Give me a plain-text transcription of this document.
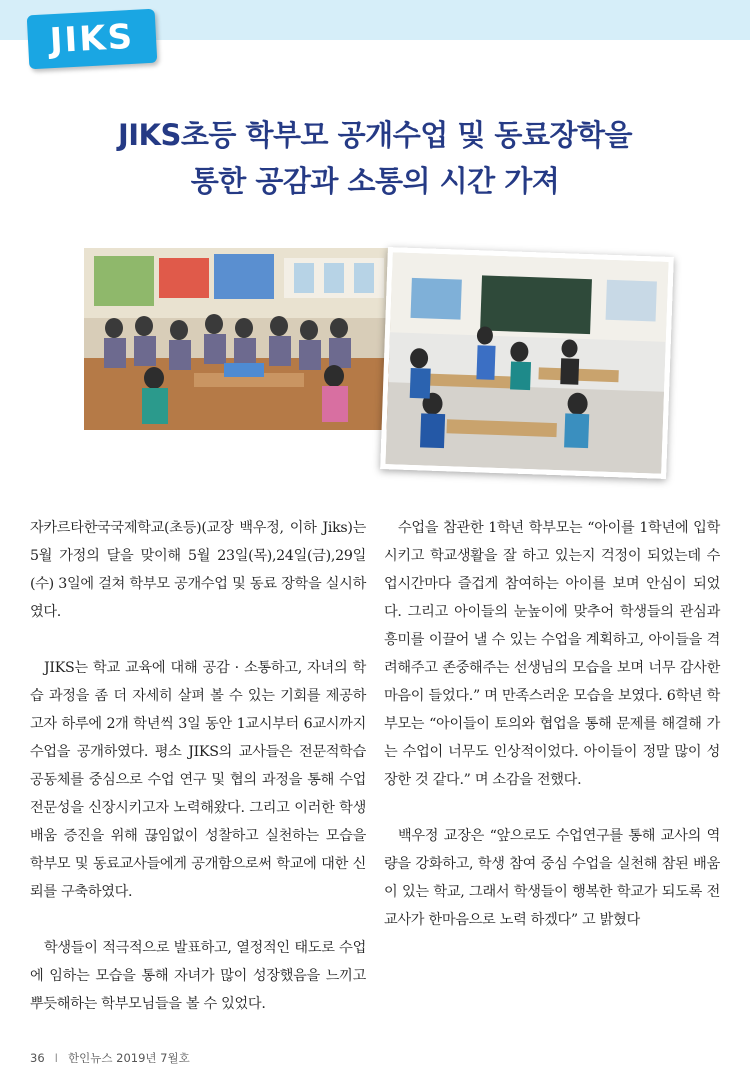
JIKS
JIKS초등 학부모 공개수업 및 동료장학을
통한 공감과 소통의 시간 가져

자카르타한국국제학교(초등)(교장 백우정, 이하 Jiks)는 5월 가정의 달을 맞이해 5월 23일(목),24일(금),29일(수) 3일에 걸쳐 학부모 공개수업 및 동료 장학을 실시하였다.

JIKS는 학교 교육에 대해 공감 · 소통하고, 자녀의 학습 과정을 좀 더 자세히 살펴 볼 수 있는 기회를 제공하고자 하루에 2개 학년씩 3일 동안 1교시부터 6교시까지 수업을 공개하였다. 평소 JIKS의 교사들은 전문적학습공동체를 중심으로 수업 연구 및 협의 과정을 통해 수업 전문성을 신장시키고자 노력해왔다. 그리고 이러한 학생 배움 증진을 위해 끊임없이 성찰하고 실천하는 모습을 학부모 및 동료교사들에게 공개함으로써 학교에 대한 신뢰를 구축하였다.

학생들이 적극적으로 발표하고, 열정적인 태도로 수업에 임하는 모습을 통해 자녀가 많이 성장했음을 느끼고 뿌듯해하는 학부모님들을 볼 수 있었다.

수업을 참관한 1학년 학부모는 “아이를 1학년에 입학시키고 학교생활을 잘 하고 있는지 걱정이 되었는데 수업시간마다 즐겁게 참여하는 아이를 보며 안심이 되었다. 그리고 아이들의 눈높이에 맞추어 학생들의 관심과 흥미를 이끌어 낼 수 있는 수업을 계획하고, 아이들을 격려해주고 존중해주는 선생님의 모습을 보며 너무 감사한 마음이 들었다.” 며 만족스러운 모습을 보였다. 6학년 학부모는 “아이들이 토의와 협업을 통해 문제를 해결해 가는 수업이 너무도 인상적이었다. 아이들이 정말 많이 성장한 것 같다.” 며 소감을 전했다.

백우정 교장은 “앞으로도 수업연구를 통해 교사의 역량을 강화하고, 학생 참여 중심 수업을 실천해 참된 배움이 있는 학교, 그래서 학생들이 행복한 학교가 되도록 전교사가 한마음으로 노력 하겠다” 고 밝혔다

36 I 한인뉴스 2019년 7월호
